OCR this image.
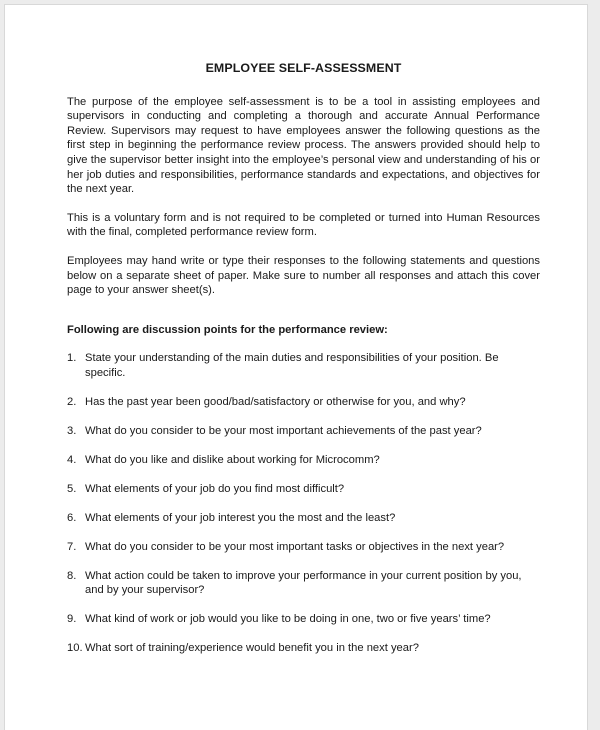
EMPLOYEE SELF-ASSESSMENT

The purpose of the employee self-assessment is to be a tool in assisting employees and supervisors in conducting and completing a thorough and accurate Annual Performance Review. Supervisors may request to have employees answer the following questions as the first step in beginning the performance review process. The answers provided should help to give the supervisor better insight into the employee’s personal view and understanding of his or her job duties and responsibilities, performance standards and expectations, and objectives for the next year.

This is a voluntary form and is not required to be completed or turned into Human Resources with the final, completed performance review form.

Employees may hand write or type their responses to the following statements and questions below on a separate sheet of paper. Make sure to number all responses and attach this cover page to your answer sheet(s).

Following are discussion points for the performance review:
1. State your understanding of the main duties and responsibilities of your position. Be specific.
2. Has the past year been good/bad/satisfactory or otherwise for you, and why?
3. What do you consider to be your most important achievements of the past year?
4. What do you like and dislike about working for Microcomm?
5. What elements of your job do you find most difficult?
6. What elements of your job interest you the most and the least?
7. What do you consider to be your most important tasks or objectives in the next year?
8. What action could be taken to improve your performance in your current position by you, and by your supervisor?
9. What kind of work or job would you like to be doing in one, two or five years’ time?
10. What sort of training/experience would benefit you in the next year?
